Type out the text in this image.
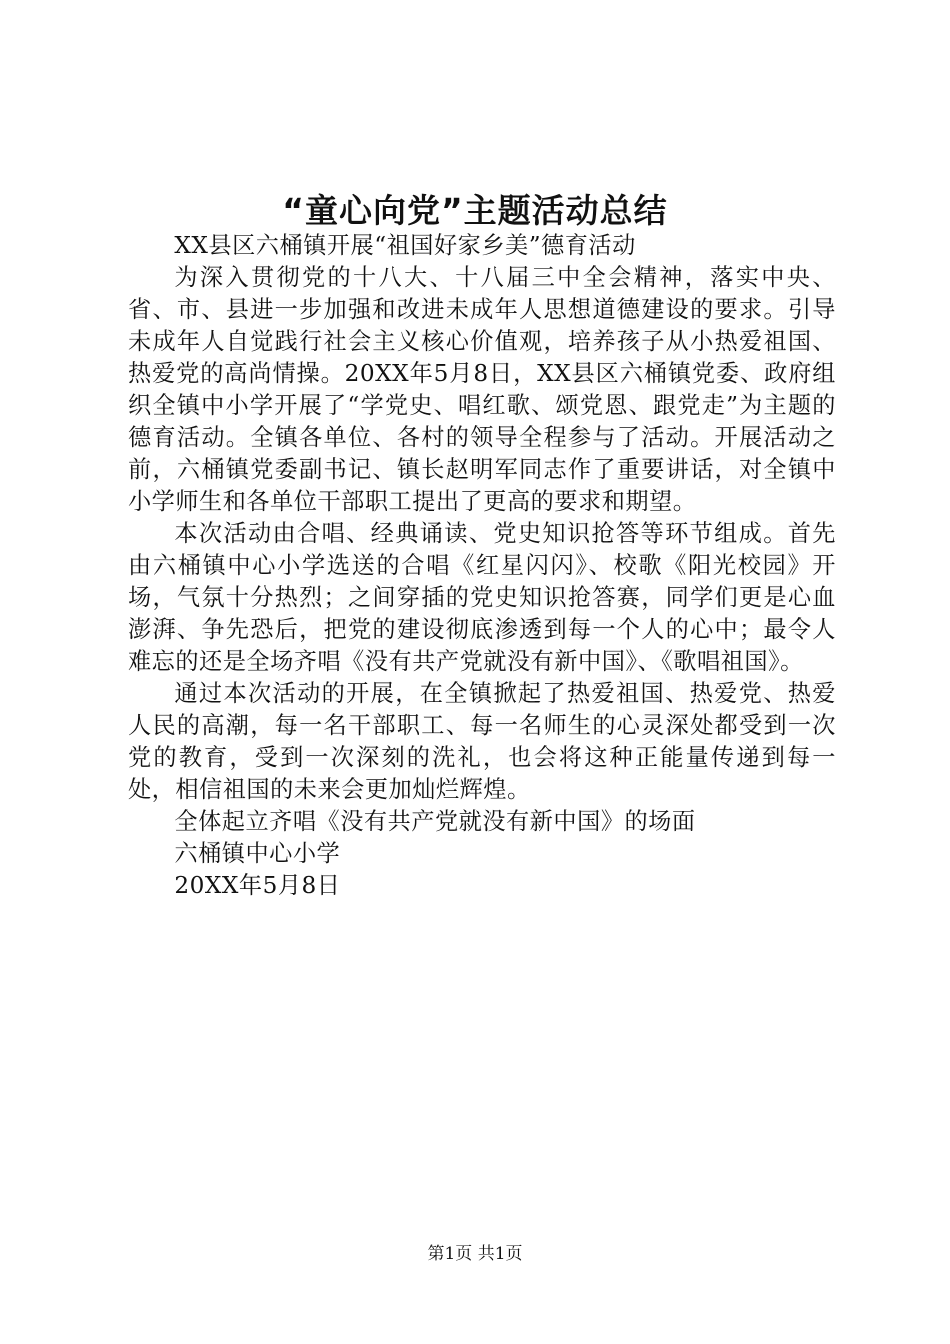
“童心向党”主题活动总结

XX县区六桶镇开展“祖国好家乡美”德育活动

为深入贯彻党的十八大、十八届三中全会精神，落实中央、省、市、县进一步加强和改进未成年人思想道德建设的要求。引导未成年人自觉践行社会主义核心价值观，培养孩子从小热爱祖国、热爱党的高尚情操。20XX年5月8日，XX县区六桶镇党委、政府组织全镇中小学开展了“学党史、唱红歌、颂党恩、跟党走”为主题的德育活动。全镇各单位、各村的领导全程参与了活动。开展活动之前，六桶镇党委副书记、镇长赵明军同志作了重要讲话，对全镇中小学师生和各单位干部职工提出了更高的要求和期望。

本次活动由合唱、经典诵读、党史知识抢答等环节组成。首先由六桶镇中心小学选送的合唱《红星闪闪》、校歌《阳光校园》开场，气氛十分热烈；之间穿插的党史知识抢答赛，同学们更是心血澎湃、争先恐后，把党的建设彻底渗透到每一个人的心中；最令人难忘的还是全场齐唱《没有共产党就没有新中国》、《歌唱祖国》。

通过本次活动的开展，在全镇掀起了热爱祖国、热爱党、热爱人民的高潮，每一名干部职工、每一名师生的心灵深处都受到一次党的教育，受到一次深刻的洗礼，也会将这种正能量传递到每一处，相信祖国的未来会更加灿烂辉煌。

全体起立齐唱《没有共产党就没有新中国》的场面

六桶镇中心小学

20XX年5月8日

第1页 共1页
